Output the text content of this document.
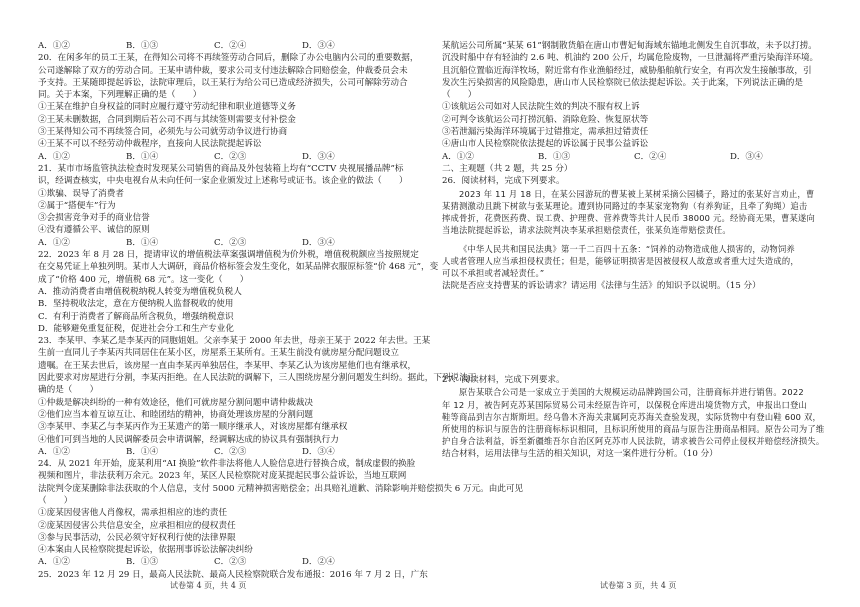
A．①②	B．①③	C．②④	D．③④
20．在闲多年的员工王某，在得知公司将不再续签劳动合同后，删除了办公电脑内公司的重要数据，
公司遂解除了双方的劳动合同。王某申请仲裁，要求公司支付违法解除合同赔偿金，仲裁委员会未
予支持。王某随即提起诉讼，法院审理后，以王某行为给公司已造成经济损失，公司可解除劳动合
同。关于本案，下列理解正确的是（　　）
①王某在维护自身权益的同时应履行遵守劳动纪律和职业道德等义务
②王某未删数据，合同到期后若公司不再与其续签则需要支付补偿金
③王某得知公司不再续签合同，必须先与公司就劳动争议进行协商
④王某不可以不经劳动仲裁程序，直接向人民法院提起诉讼
A．①②	B．①④	C．②③	D．③④
21．某市市场监管执法检查时发现某公司销售的商品及外包装箱上均有“CCTV 央视展播品牌”标
识，经调查核实，中央电视台从未向任何一家企业颁发过上述称号或证书。该企业的做法（　　）
①欺骗、误导了消费者
②属于“搭便车”行为
③会损害竞争对手的商业信誉
④没有遵循公平、诚信的原则
A．①②	B．①④	C．②③	D．③④
22．2023 年 8 月 28 日，提请审议的增值税法草案强调增值税为价外税，增值税税额应当按照规定
在交易凭证上单独列明。某市人大调研，商品价格标签会发生变化，如某品牌衣服原标签“价 468 元”，变
成了“价格 400 元，增值税 68 元”。这一变化（　　）
A．推动消费者由增值税税纳税人转变为增值税负税人
B．坚持税收法定，意在方便纳税人监督税收的使用
C．有利于消费者了解商品所含税负，增强纳税意识
D．能够避免重复征税，促进社会分工和生产专业化
23．李某甲、李某乙是李某丙的同胞姐姐。父亲李某于 2000 年去世，母亲王某于 2022 年去世。王某
生前一直同儿子李某丙共同居住在某小区，房屋系王某所有。王某生前没有就房屋分配问题设立
遗嘱。在王某去世后，该房屋一直由李某丙单独居住，李某甲、李某乙认为该房屋他们也有继承权，
因此要求对房屋进行分割，李某丙拒绝。在人民法院的调解下，三人围绕房屋分割问题发生纠纷。据此，下列说法正
确的是（　　）
①仲裁是解决纠纷的一种有效途径，他们可就房屋分割问题申请仲裁裁决
②他们应当本着互谅互让、和睦团结的精神，协商处理该房屋的分割问题
③李某甲、李某乙与李某丙作为王某遗产的第一顺序继承人，对该房屋都有继承权
④他们可到当地的人民调解委员会申请调解，经调解达成的协议具有强制执行力
A．①②	B．①④	C．②③	D．③④
24．从 2021 年开始，庞某利用“AI 换脸”软件非法将他人人脸信息进行替换合成，制成虚假的换脸
视频和图片，非法获利万余元。2023 年，某区人民检察院对庞某提起民事公益诉讼，当地互联网
法院判令庞某删除非法获取的个人信息，支付 5000 元精神损害赔偿金；出具赔礼道歉、消除影响并赔偿损失 6 万元。由此可见
（　　）
①庞某因侵害他人肖像权，需承担相应的违约责任
②庞某因侵害公共信息安全，应承担相应的侵权责任
③参与民事活动，公民必须守好权利行使的法律界限
④本案由人民检察院提起诉讼，依据刑事诉讼法解决纠纷
A．①②	B．①③	C．②③	D．②④
25．2023 年 12 月 29 日，最高人民法院、最高人民检察院联合发布通报：2016 年 7 月 2 日，广东
某航运公司所属“某某 61”钢制散货船在唐山市曹妃甸海域东锚地北侧发生自沉事故，未予以打捞。
沉没时船中存有轻油约 2.6 吨、机油约 200 公斤，均属危险废物，一旦泄漏将严重污染海洋环境。
且沉船位置临近海洋牧场，附近常有作业渔船经过，威胁船舶航行安全，有再次发生接触事故，引
发次生污染损害的风险隐患，唐山市人民检察院已依法提起诉讼。关于此案，下列说法正确的是
（　　）
①该航运公司如对人民法院生效的判决不服有权上诉
②可判令该航运公司打捞沉船、消除危险、恢复原状等
③若泄漏污染海洋环境属于过错推定，需承担过错责任
④唐山市人民检察院依法提起的诉讼属于民事公益诉讼
A．①②	B．①③	C．②④	D．③④
二、主观题（共 2 题，共 25 分）
26．阅读材料，完成下列要求。
2023 年 11 月 18 日，在某公园游玩的曹某被上某树采摘公园橘子，路过的张某好言劝止，曹
某猜测激动且跳下树欲与张某理论。遭到协同路过的李某家宠物狗（有养狗证，且牵了狗绳）追击
摔成骨折，花费医药费、误工费、护理费、营养费等共计人民币 38000 元。经协商无果，曹某遂向
当地法院提起诉讼，请求法院判决李某承担赔偿责任，张某负连带赔偿责任。
《中华人民共和国民法典》第一千二百四十五条：“饲养的动物造成他人损害的，动物饲养
人或者管理人应当承担侵权责任；但是，能够证明损害是因被侵权人故意或者重大过失造成的，
可以不承担或者减轻责任。”
法院是否应支持曹某的诉讼请求？请运用《法律与生活》的知识予以说明。（15 分）
27．阅读材料，完成下列要求。
原告某联合公司是一家成立于美国的大规模运动品牌跨国公司，注册商标并进行销售。2022
年 12 月，被告阿克苏某国际贸易公司未经原告许可，以保税仓库进出境货物方式，申报出口登山
鞋等商品到吉尔吉斯斯坦。经乌鲁木齐海关隶属阿克苏海关查验发现，实际货物中有登山鞋 600 双，
所使用的标识与原告的注册商标标识相同，且标识所使用的商品与原告注册商品相同。原告公司为了维
护自身合法利益，诉至新疆维吾尔自治区阿克苏市人民法院，请求被告公司停止侵权并赔偿经济损失。
结合材料，运用法律与生活的相关知识，对这一案件进行分析。（10 分）
试卷第 4 页，共 4 页	试卷第 3 页，共 4 页
